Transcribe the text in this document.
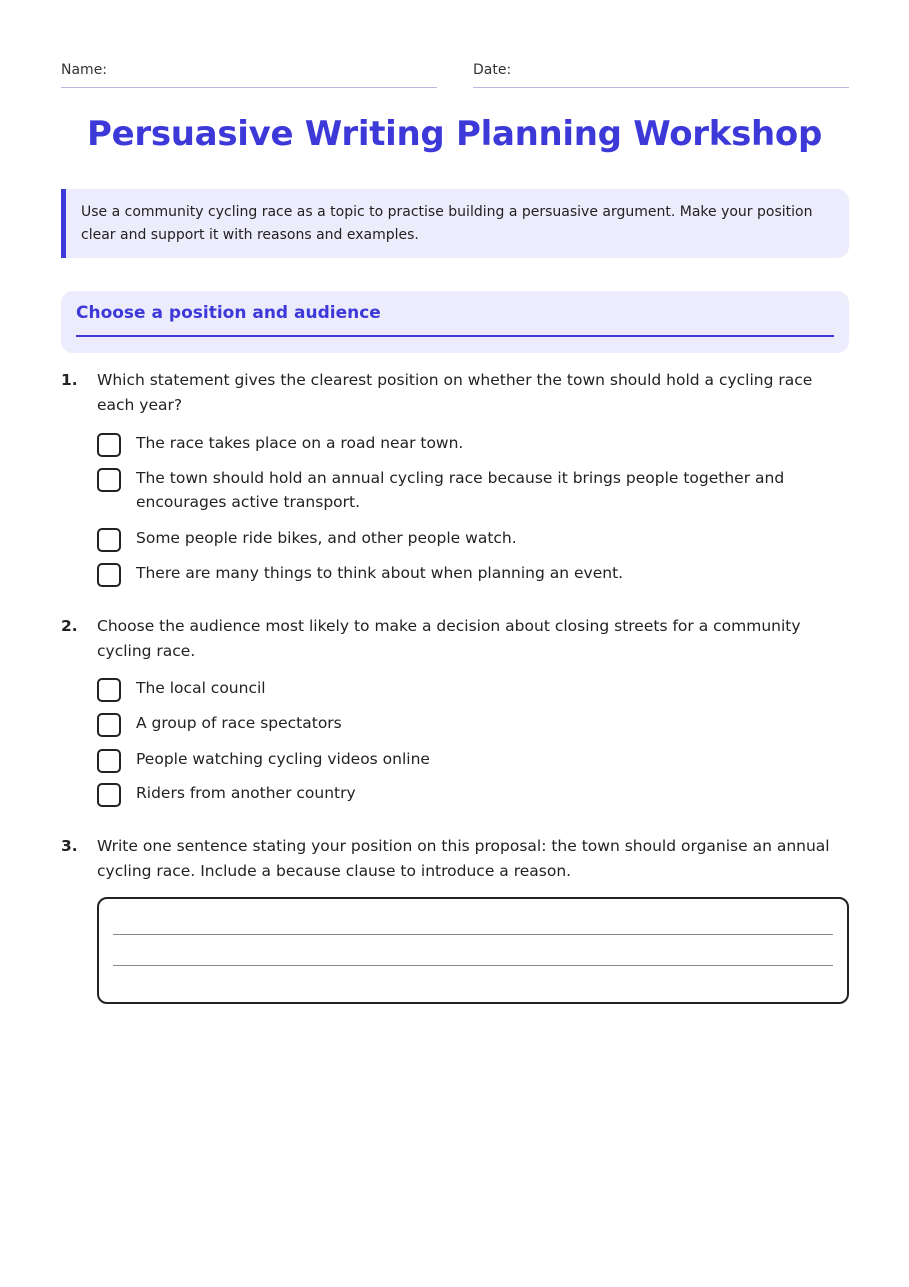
Name:	Date:
Persuasive Writing Planning Workshop
Use a community cycling race as a topic to practise building a persuasive argument. Make your position clear and support it with reasons and examples.
Choose a position and audience
1. Which statement gives the clearest position on whether the town should hold a cycling race each year?
The race takes place on a road near town.
The town should hold an annual cycling race because it brings people together and encourages active transport.
Some people ride bikes, and other people watch.
There are many things to think about when planning an event.
2. Choose the audience most likely to make a decision about closing streets for a community cycling race.
The local council
A group of race spectators
People watching cycling videos online
Riders from another country
3. Write one sentence stating your position on this proposal: the town should organise an annual cycling race. Include a because clause to introduce a reason.
